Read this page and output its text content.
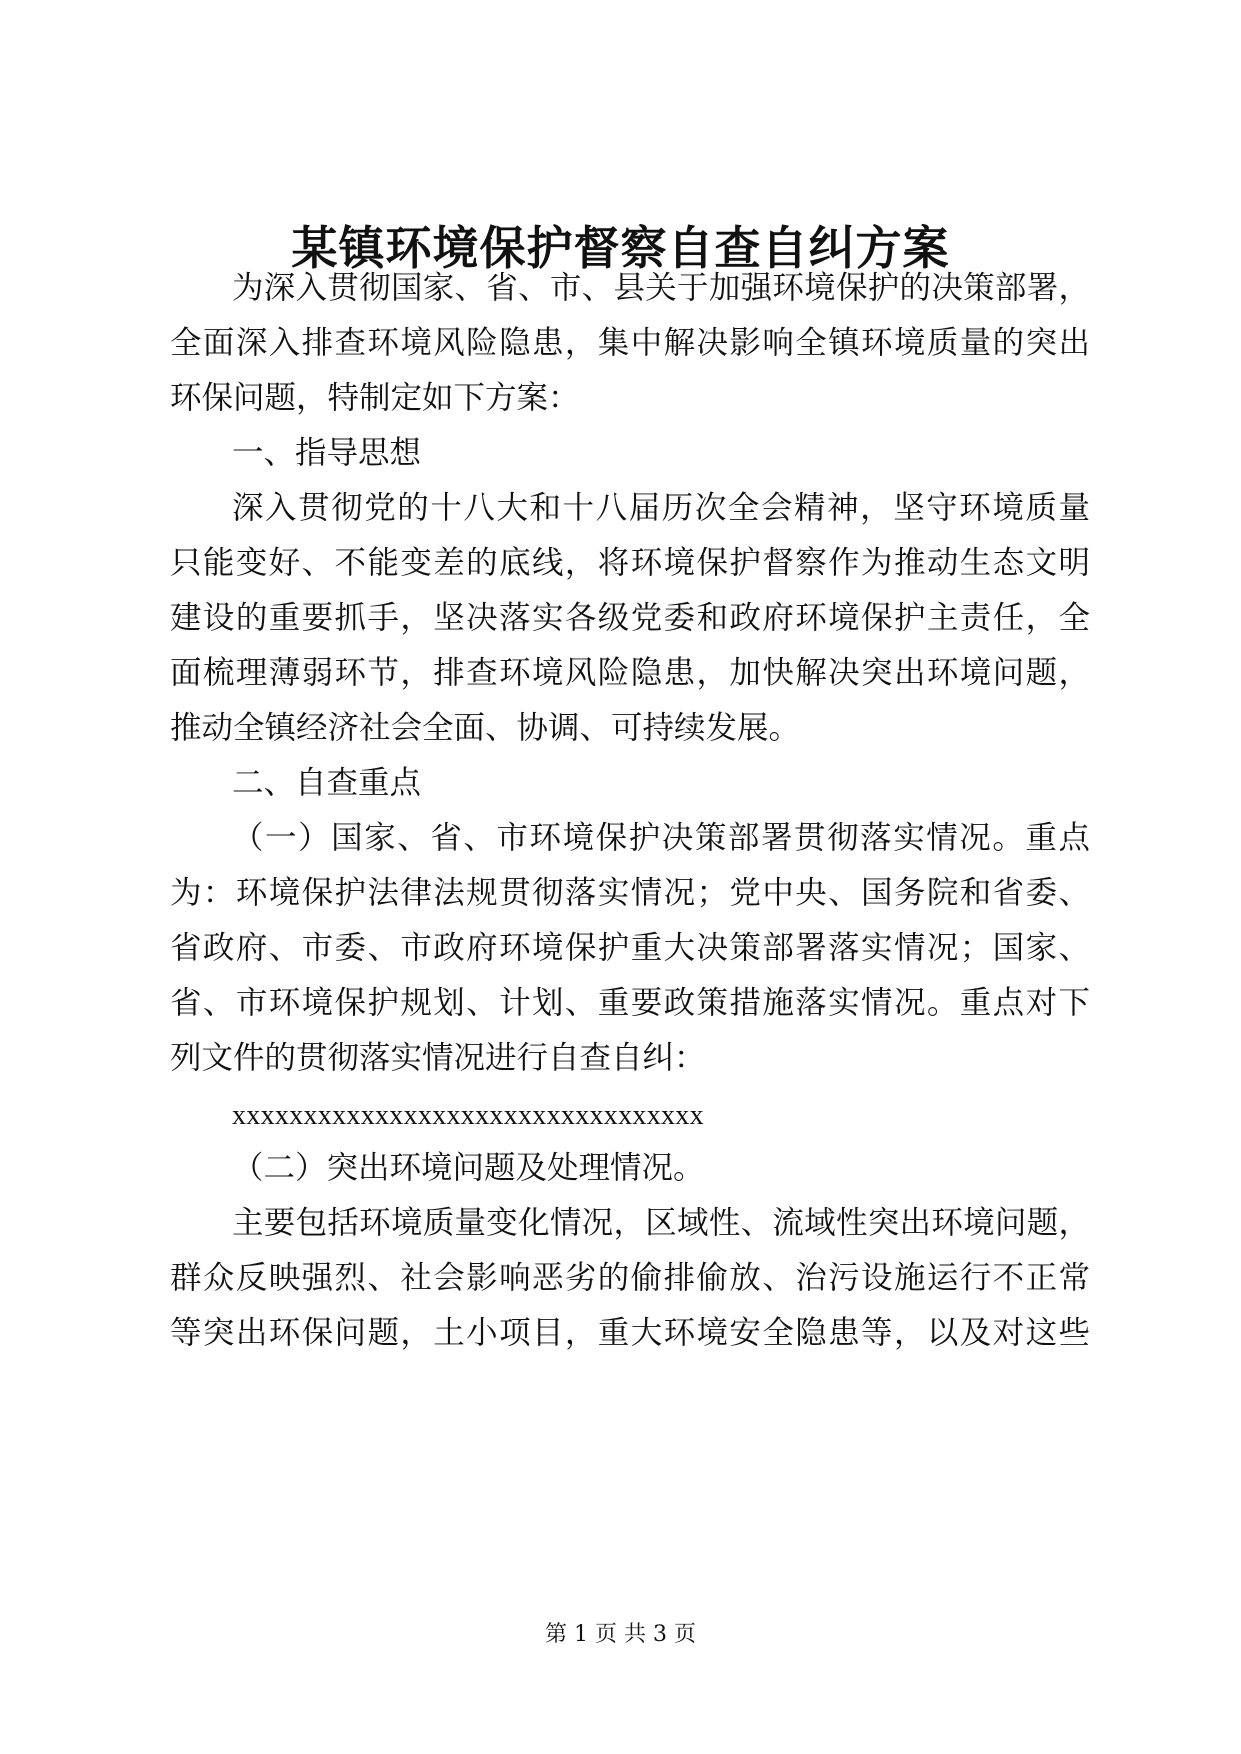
某镇环境保护督察自查自纠方案

为深入贯彻国家、省、市、县关于加强环境保护的决策部署，

全面深入排查环境风险隐患，集中解决影响全镇环境质量的突出

环保问题，特制定如下方案：

一、指导思想

深入贯彻党的十八大和十八届历次全会精神，坚守环境质量

只能变好、不能变差的底线，将环境保护督察作为推动生态文明

建设的重要抓手，坚决落实各级党委和政府环境保护主责任，全

面梳理薄弱环节，排查环境风险隐患，加快解决突出环境问题，

推动全镇经济社会全面、协调、可持续发展。

二、自查重点

（一）国家、省、市环境保护决策部署贯彻落实情况。重点

为：环境保护法律法规贯彻落实情况；党中央、国务院和省委、

省政府、市委、市政府环境保护重大决策部署落实情况；国家、

省、市环境保护规划、计划、重要政策措施落实情况。重点对下

列文件的贯彻落实情况进行自查自纠：

xxxxxxxxxxxxxxxxxxxxxxxxxxxxxxxxx

（二）突出环境问题及处理情况。

主要包括环境质量变化情况，区域性、流域性突出环境问题，

群众反映强烈、社会影响恶劣的偷排偷放、治污设施运行不正常

等突出环保问题，土小项目，重大环境安全隐患等，以及对这些

第 1 页 共 3 页
